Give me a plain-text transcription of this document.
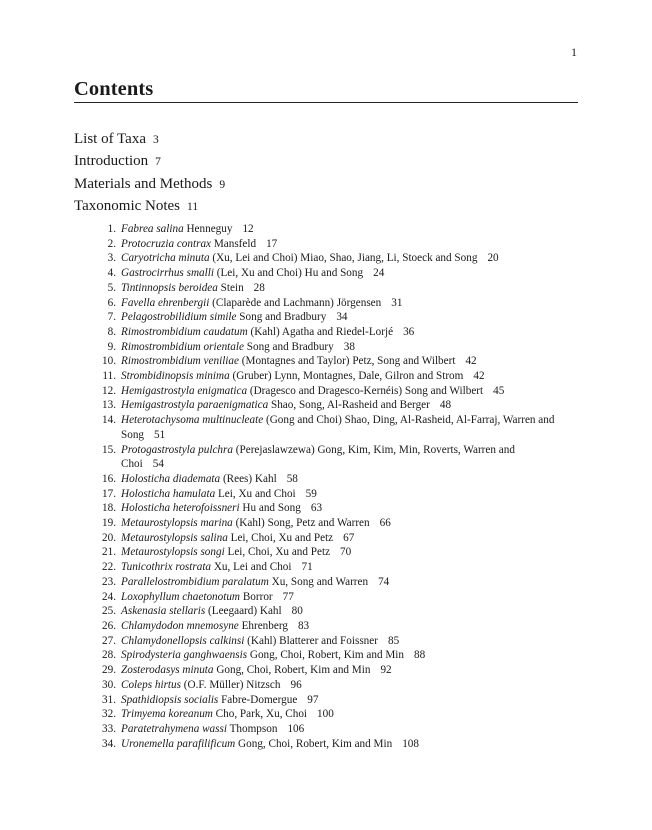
1
Contents
List of Taxa 3
Introduction 7
Materials and Methods 9
Taxonomic Notes 11
1. Fabrea salina Henneguy 12
2. Protocruzia contrax Mansfeld 17
3. Caryotricha minuta (Xu, Lei and Choi) Miao, Shao, Jiang, Li, Stoeck and Song 20
4. Gastrocirrhus smalli (Lei, Xu and Choi) Hu and Song 24
5. Tintinnopsis beroidea Stein 28
6. Favella ehrenbergii (Claparède and Lachmann) Jörgensen 31
7. Pelagostrobilidium simile Song and Bradbury 34
8. Rimostrombidium caudatum (Kahl) Agatha and Riedel-Lorjé 36
9. Rimostrombidium orientale Song and Bradbury 38
10. Rimostrombidium veniliae (Montagnes and Taylor) Petz, Song and Wilbert 42
11. Strombidinopsis minima (Gruber) Lynn, Montagnes, Dale, Gilron and Strom 42
12. Hemigastrostyla enigmatica (Dragesco and Dragesco-Kernéis) Song and Wilbert 45
13. Hemigastrostyla paraenigmatica Shao, Song, Al-Rasheid and Berger 48
14. Heterotachysoma multinucleate (Gong and Choi) Shao, Ding, Al-Rasheid, Al-Farraj, Warren and Song 51
15. Protogastrostyla pulchra (Perejaslawzewa) Gong, Kim, Kim, Min, Roverts, Warren and Choi 54
16. Holosticha diademata (Rees) Kahl 58
17. Holosticha hamulata Lei, Xu and Choi 59
18. Holosticha heterofoissneri Hu and Song 63
19. Metaurostylopsis marina (Kahl) Song, Petz and Warren 66
20. Metaurostylopsis salina Lei, Choi, Xu and Petz 67
21. Metaurostylopsis songi Lei, Choi, Xu and Petz 70
22. Tunicothrix rostrata Xu, Lei and Choi 71
23. Parallelostrombidium paralatum Xu, Song and Warren 74
24. Loxophyllum chaetonotum Borror 77
25. Askenasia stellaris (Leegaard) Kahl 80
26. Chlamydodon mnemosyne Ehrenberg 83
27. Chlamydonellopsis calkinsi (Kahl) Blatterer and Foissner 85
28. Spirodysteria ganghwaensis Gong, Choi, Robert, Kim and Min 88
29. Zosterodasys minuta Gong, Choi, Robert, Kim and Min 92
30. Coleps hirtus (O.F. Müller) Nitzsch 96
31. Spathidiopsis socialis Fabre-Domergue 97
32. Trimyema koreanum Cho, Park, Xu, Choi 100
33. Paratetrahymena wassi Thompson 106
34. Uronemella parafilificum Gong, Choi, Robert, Kim and Min 108
